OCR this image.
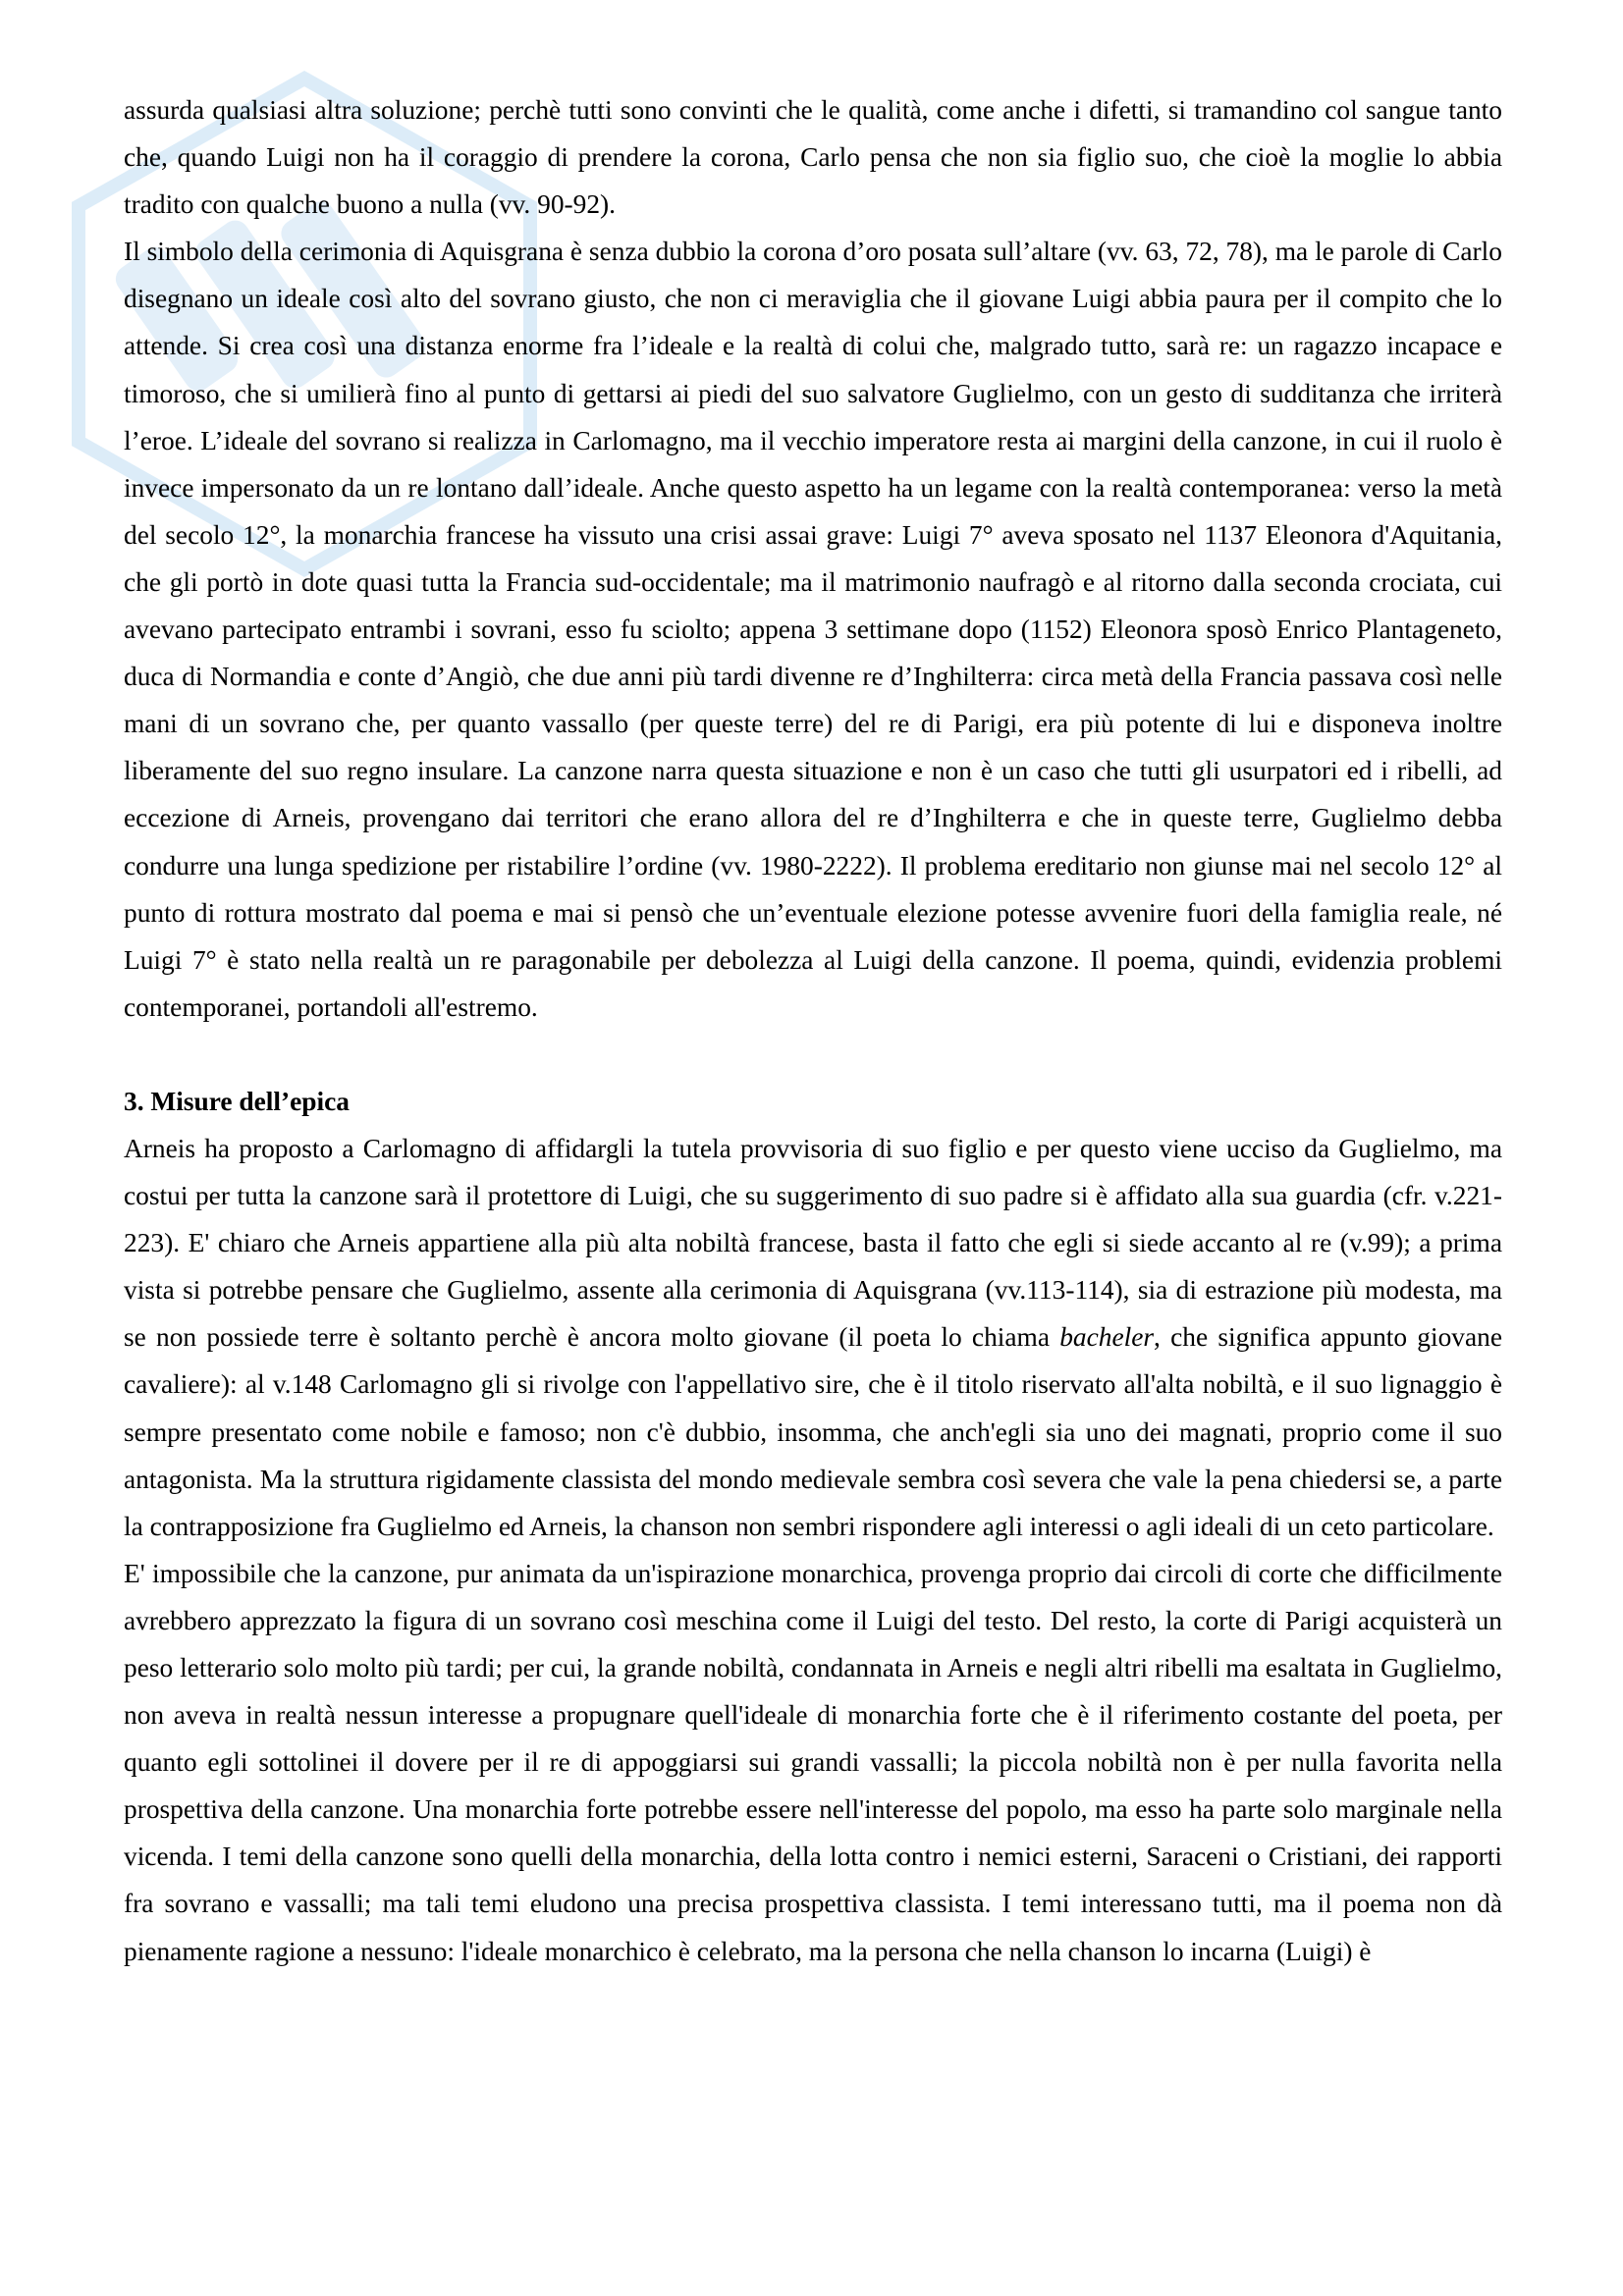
assurda qualsiasi altra soluzione; perchè tutti sono convinti che le qualità, come anche i difetti, si tramandino col sangue tanto che, quando Luigi non ha il coraggio di prendere la corona, Carlo pensa che non sia figlio suo, che cioè la moglie lo abbia tradito con qualche buono a nulla (vv. 90-92).

Il simbolo della cerimonia di Aquisgrana è senza dubbio la corona d’oro posata sull’altare (vv. 63, 72, 78), ma le parole di Carlo disegnano un ideale così alto del sovrano giusto, che non ci meraviglia che il giovane Luigi abbia paura per il compito che lo attende. Si crea così una distanza enorme fra l’ideale e la realtà di colui che, malgrado tutto, sarà re: un ragazzo incapace e timoroso, che si umilierà fino al punto di gettarsi ai piedi del suo salvatore Guglielmo, con un gesto di sudditanza che irriterà l’eroe. L’ideale del sovrano si realizza in Carlomagno, ma il vecchio imperatore resta ai margini della canzone, in cui il ruolo è invece impersonato da un re lontano dall’ideale. Anche questo aspetto ha un legame con la realtà contemporanea: verso la metà del secolo 12°, la monarchia francese ha vissuto una crisi assai grave: Luigi 7° aveva sposato nel 1137 Eleonora d'Aquitania, che gli portò in dote quasi tutta la Francia sud-occidentale; ma il matrimonio naufragò e al ritorno dalla seconda crociata, cui avevano partecipato entrambi i sovrani, esso fu sciolto; appena 3 settimane dopo (1152) Eleonora sposò Enrico Plantageneto, duca di Normandia e conte d’Angiò, che due anni più tardi divenne re d’Inghilterra: circa metà della Francia passava così nelle mani di un sovrano che, per quanto vassallo (per queste terre) del re di Parigi, era più potente di lui e disponeva inoltre liberamente del suo regno insulare. La canzone narra questa situazione e non è un caso che tutti gli usurpatori ed i ribelli, ad eccezione di Arneis, provengano dai territori che erano allora del re d’Inghilterra e che in queste terre, Guglielmo debba condurre una lunga spedizione per ristabilire l’ordine (vv. 1980-2222). Il problema ereditario non giunse mai nel secolo 12° al punto di rottura mostrato dal poema e mai si pensò che un’eventuale elezione potesse avvenire fuori della famiglia reale, né Luigi 7° è stato nella realtà un re paragonabile per debolezza al Luigi della canzone. Il poema, quindi, evidenzia problemi contemporanei, portandoli all'estremo.

3. Misure dell’epica

Arneis ha proposto a Carlomagno di affidargli la tutela provvisoria di suo figlio e per questo viene ucciso da Guglielmo, ma costui per tutta la canzone sarà il protettore di Luigi, che su suggerimento di suo padre si è affidato alla sua guardia (cfr. v.221-223). E' chiaro che Arneis appartiene alla più alta nobiltà francese, basta il fatto che egli si siede accanto al re (v.99); a prima vista si potrebbe pensare che Guglielmo, assente alla cerimonia di Aquisgrana (vv.113-114), sia di estrazione più modesta, ma se non possiede terre è soltanto perchè è ancora molto giovane (il poeta lo chiama bacheler, che significa appunto giovane cavaliere): al v.148 Carlomagno gli si rivolge con l'appellativo sire, che è il titolo riservato all'alta nobiltà, e il suo lignaggio è sempre presentato come nobile e famoso; non c'è dubbio, insomma, che anch'egli sia uno dei magnati, proprio come il suo antagonista. Ma la struttura rigidamente classista del mondo medievale sembra così severa che vale la pena chiedersi se, a parte la contrapposizione fra Guglielmo ed Arneis, la chanson non sembri rispondere agli interessi o agli ideali di un ceto particolare.

E' impossibile che la canzone, pur animata da un'ispirazione monarchica, provenga proprio dai circoli di corte che difficilmente avrebbero apprezzato la figura di un sovrano così meschina come il Luigi del testo. Del resto, la corte di Parigi acquisterà un peso letterario solo molto più tardi; per cui, la grande nobiltà, condannata in Arneis e negli altri ribelli ma esaltata in Guglielmo, non aveva in realtà nessun interesse a propugnare quell'ideale di monarchia forte che è il riferimento costante del poeta, per quanto egli sottolinei il dovere per il re di appoggiarsi sui grandi vassalli; la piccola nobiltà non è per nulla favorita nella prospettiva della canzone. Una monarchia forte potrebbe essere nell'interesse del popolo, ma esso ha parte solo marginale nella vicenda. I temi della canzone sono quelli della monarchia, della lotta contro i nemici esterni, Saraceni o Cristiani, dei rapporti fra sovrano e vassalli; ma tali temi eludono una precisa prospettiva classista. I temi interessano tutti, ma il poema non dà pienamente ragione a nessuno: l'ideale monarchico è celebrato, ma la persona che nella chanson lo incarna (Luigi) è
